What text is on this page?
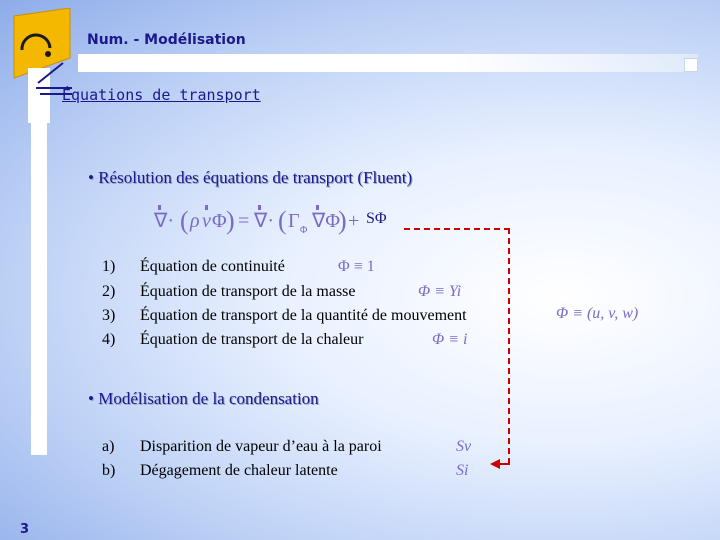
Num. - Modélisation
Équations de transport
• Résolution des équations de transport (Fluent)
∇· ( ρ v Φ ) = ∇· ( Γ Φ ∇Φ
) + SΦ
1) Équation de continuité	Φ ≡ 1
2) Équation de transport de la masse	Φ ≡ Yi
3) Équation de transport de la quantité de mouvement	Φ ≡ (u, v, w)
4) Équation de transport de la chaleur	Φ ≡ i
• Modélisation de la condensation
a) Disparition de vapeur d’eau à la paroi	Sv
b) Dégagement de chaleur latente	Si
3
